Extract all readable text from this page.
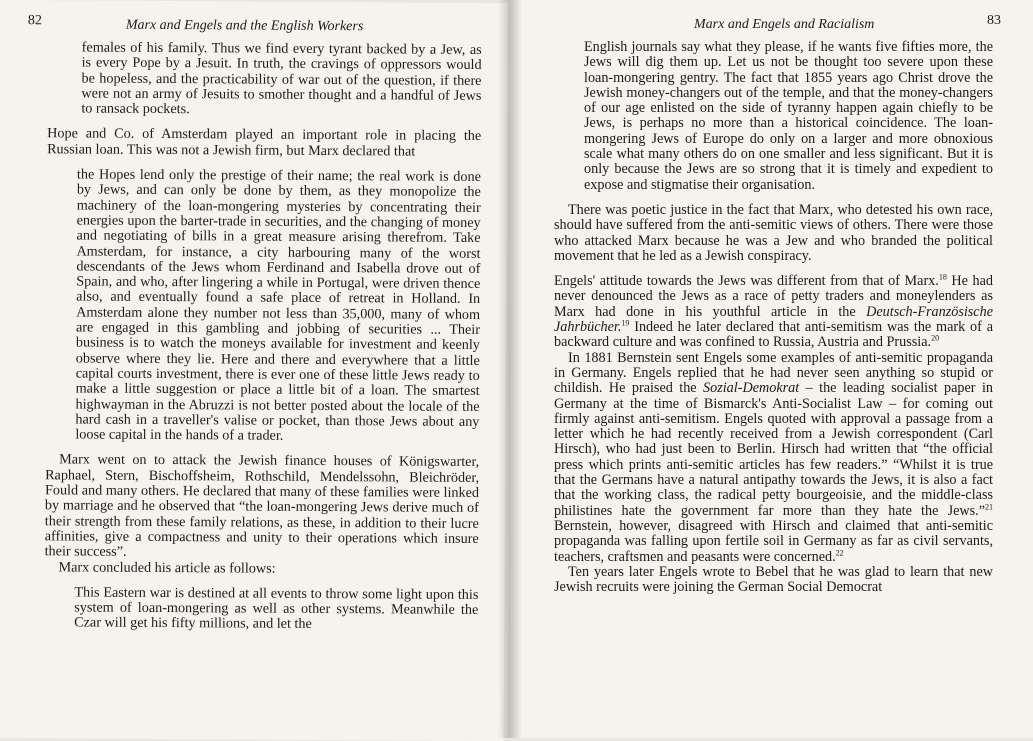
82	Marx and Engels and the English Workers

females of his family. Thus we find every tyrant backed by a Jew, as is every Pope by a Jesuit. In truth, the cravings of oppressors would be hopeless, and the practicability of war out of the question, if there were not an army of Jesuits to smother thought and a handful of Jews to ransack pockets.

Hope and Co. of Amsterdam played an important role in placing the Russian loan. This was not a Jewish firm, but Marx declared that

the Hopes lend only the prestige of their name; the real work is done by Jews, and can only be done by them, as they monopolize the machinery of the loan-mongering mysteries by concentrating their energies upon the barter-trade in securities, and the changing of money and negotiating of bills in a great measure arising therefrom. Take Amsterdam, for instance, a city harbouring many of the worst descendants of the Jews whom Ferdinand and Isabella drove out of Spain, and who, after lingering a while in Portugal, were driven thence also, and eventually found a safe place of retreat in Holland. In Amsterdam alone they number not less than 35,000, many of whom are engaged in this gambling and jobbing of securities ... Their business is to watch the moneys available for investment and keenly observe where they lie. Here and there and everywhere that a little capital courts investment, there is ever one of these little Jews ready to make a little suggestion or place a little bit of a loan. The smartest highwayman in the Abruzzi is not better posted about the locale of the hard cash in a traveller's valise or pocket, than those Jews about any loose capital in the hands of a trader.

Marx went on to attack the Jewish finance houses of Königswarter, Raphael, Stern, Bischoffsheim, Rothschild, Mendelssohn, Bleichröder, Fould and many others. He declared that many of these families were linked by marriage and he observed that “the loan-mongering Jews derive much of their strength from these family relations, as these, in addition to their lucre affinities, give a compactness and unity to their operations which insure their success”.

Marx concluded his article as follows:

This Eastern war is destined at all events to throw some light upon this system of loan-mongering as well as other systems. Meanwhile the Czar will get his fifty millions, and let the

Marx and Engels and Racialism	83

English journals say what they please, if he wants five fifties more, the Jews will dig them up. Let us not be thought too severe upon these loan-mongering gentry. The fact that 1855 years ago Christ drove the Jewish money-changers out of the temple, and that the money-changers of our age enlisted on the side of tyranny happen again chiefly to be Jews, is perhaps no more than a historical coincidence. The loan-mongering Jews of Europe do only on a larger and more obnoxious scale what many others do on one smaller and less significant. But it is only because the Jews are so strong that it is timely and expedient to expose and stigmatise their organisation.

There was poetic justice in the fact that Marx, who detested his own race, should have suffered from the anti-semitic views of others. There were those who attacked Marx because he was a Jew and who branded the political movement that he led as a Jewish conspiracy.

Engels' attitude towards the Jews was different from that of Marx.$^{18}$ He had never denounced the Jews as a race of petty traders and moneylenders as Marx had done in his youthful article in the Deutsch-Französische Jahrbücher.$^{19}$ Indeed he later declared that anti-semitism was the mark of a backward culture and was confined to Russia, Austria and Prussia.$^{20}$

In 1881 Bernstein sent Engels some examples of anti-semitic propaganda in Germany. Engels replied that he had never seen anything so stupid or childish. He praised the Sozial-Demokrat – the leading socialist paper in Germany at the time of Bismarck's Anti-Socialist Law – for coming out firmly against anti-semitism. Engels quoted with approval a passage from a letter which he had recently received from a Jewish correspondent (Carl Hirsch), who had just been to Berlin. Hirsch had written that “the official press which prints anti-semitic articles has few readers.” “Whilst it is true that the Germans have a natural antipathy towards the Jews, it is also a fact that the working class, the radical petty bourgeoisie, and the middle-class philistines hate the government far more than they hate the Jews.”$^{21}$ Bernstein, however, disagreed with Hirsch and claimed that anti-semitic propaganda was falling upon fertile soil in Germany as far as civil servants, teachers, craftsmen and peasants were concerned.$^{22}$

Ten years later Engels wrote to Bebel that he was glad to learn that new Jewish recruits were joining the German Social Democrat
